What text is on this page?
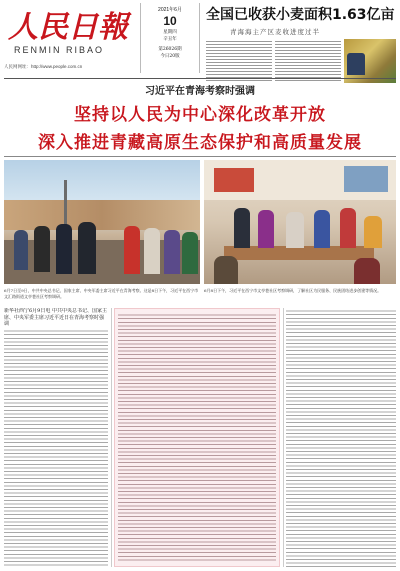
人民日報
RENMIN RIBAO
人民网网址：http://www.people.com.cn
2021年6月
10
星期四
辛丑年
第26026期
今日20版
全国已收获小麦面积1.63亿亩
青海海主产区麦收进度过半
习近平在青海考察时强调
坚持以人民为中心深化改革开放
深入推进青藏高原生态保护和高质量发展
6月7日至9日，中共中央总书记、国家主席、中央军委主席习近平在青海考察。这是8日下午，习近平在西宁市文汇路街道文亭巷社区考察调研。
6月8日下午，习近平在西宁市文亭巷社区考察调研，了解社区为民服务、民族团结进步创建等情况。
新华社西宁6月9日电 中共中央总书记、国家主席、中央军委主席习近平近日在青海考察时强调
